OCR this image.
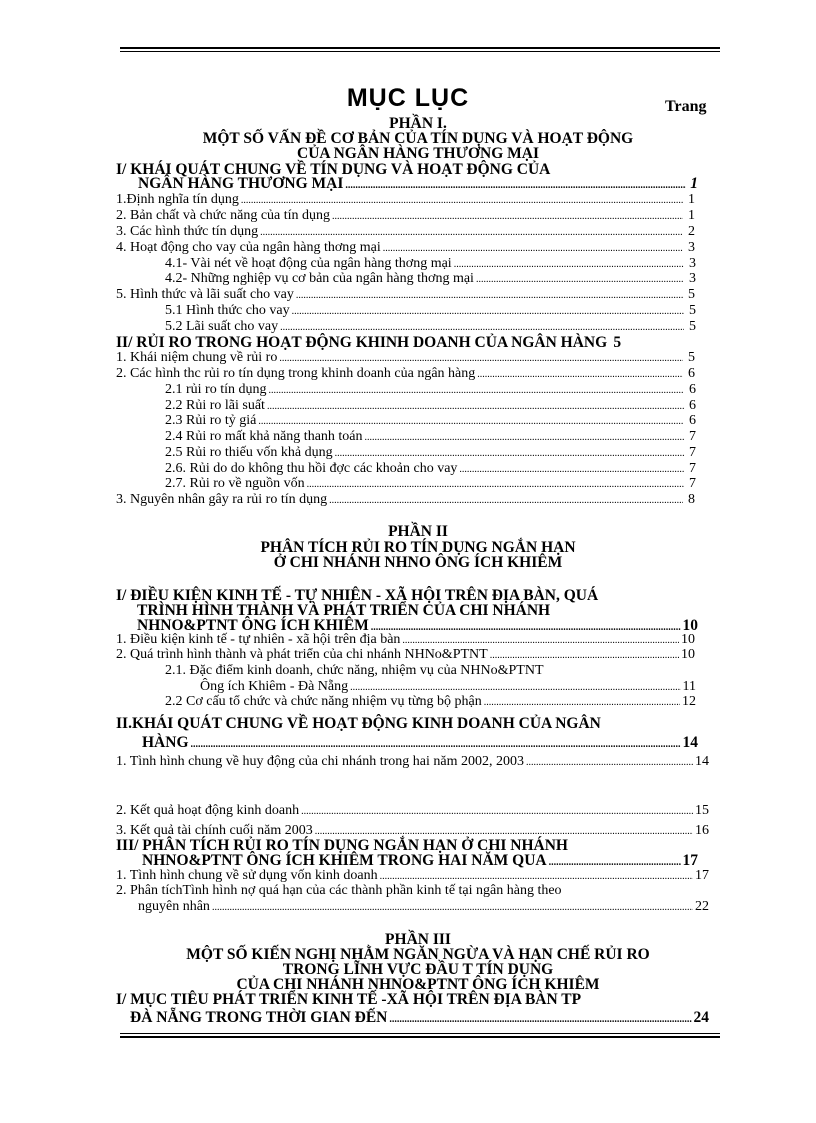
MỤC LỤC	Trang
PHẦN I.
MỘT SỐ VẤN ĐỀ CƠ BẢN CỦA TÍN DỤNG VÀ HOẠT ĐỘNG
CỦA NGÂN HÀNG THƯƠNG MẠI
I/ KHÁI QUÁT CHUNG VỀ TÍN DỤNG VÀ HOẠT ĐỘNG CỦA
NGÂN HÀNG THƯƠNG MẠI .....	1
1.Định nghĩa tín dụng .....	1
2. Bản chất và chức năng của tín dụng .....	1
3. Các hình thức tín dụng .....	2
4. Hoạt động cho vay của ngân hàng thơng mại .....	3
4.1- Vài nét về hoạt động của ngân hàng thơng mại .....	3
4.2- Những nghiệp vụ cơ bản của ngân hàng thơng mại .....	3
5. Hình thức và lãi suất cho vay .....	5
5.1 Hình thức cho vay .....	5
5.2 Lãi suất cho vay .....	5
II/ RỦI RO TRONG HOẠT ĐỘNG KHINH DOANH CỦA NGÂN HÀNG 5
1. Khái niệm chung về rủi ro .....	5
2. Các hình thc rủi ro tín dụng trong khinh doanh của ngân hàng .....	6
2.1 rủi ro tín dụng .....	6
2.2 Rủi ro lãi suất .....	6
2.3 Rủi ro tỷ giá .....	6
2.4 Rủi ro mất khả năng thanh toán .....	7
2.5 Rủi ro thiếu vốn khả dụng .....	7
2.6. Rủi do do không thu hồi đợc các khoản cho vay .....	7
2.7. Rủi ro về nguồn vốn .....	7
3. Nguyên nhân gây ra rủi ro tín dụng .....	8
PHẦN II
PHÂN TÍCH RỦI RO TÍN DỤNG NGẮN HẠN
Ở CHI NHÁNH NHNO ÔNG ÍCH KHIÊM
I/ ĐIỀU KIỆN KINH TẾ - TỰ NHIÊN - XÃ HỘI TRÊN ĐỊA BÀN, QUÁ
TRÌNH HÌNH THÀNH VÀ PHÁT TRIỂN CỦA CHI NHÁNH
NHNO&PTNT ÔNG ÍCH KHIÊM .....	10
1. Điều kiện kinh tế - tự nhiên - xã hội trên địa bàn .....	10
2. Quá trình hình thành và phát triển của chi nhánh NHNo&PTNT .....	10
2.1. Đặc điểm kinh doanh, chức năng, nhiệm vụ của NHNo&PTNT
Ông ích Khiêm - Đà Nẵng .....	11
2.2 Cơ cấu tổ chức và chức năng nhiệm vụ từng bộ phận .....	12
II.KHÁI QUÁT CHUNG VỀ HOẠT ĐỘNG KINH DOANH CỦA NGÂN
HÀNG .....	14
1. Tình hình chung về huy động của chi nhánh trong hai năm 2002, 2003 .....	14
2. Kết quả hoạt động kinh doanh .....	15
3. Kết quả tài chính cuối năm 2003 .....	16
III/ PHÂN TÍCH RỦI RO TÍN DỤNG NGẮN HẠN Ở CHI NHÁNH
NHNO&PTNT ÔNG ÍCH KHIÊM TRONG HAI NĂM QUA .....	17
1. Tình hình chung về sử dụng vốn kinh doanh .....	17
2. Phân tíchTình hình nợ quá hạn của các thành phần kinh tế tại ngân hàng theo
nguyên nhân .....	22
PHẦN III
MỘT SỐ KIẾN NGHỊ NHẰM NGĂN NGỪA VÀ HẠN CHẾ RỦI RO
TRONG LĨNH VỰC ĐẦU T TÍN DỤNG
CỦA CHI NHÁNH NHNO&PTNT ÔNG ÍCH KHIÊM
I/ MỤC TIÊU PHÁT TRIỂN KINH TẾ -XÃ HỘI TRÊN ĐỊA BÀN TP
ĐÀ NẴNG TRONG THỜI GIAN ĐẾN .....	24
